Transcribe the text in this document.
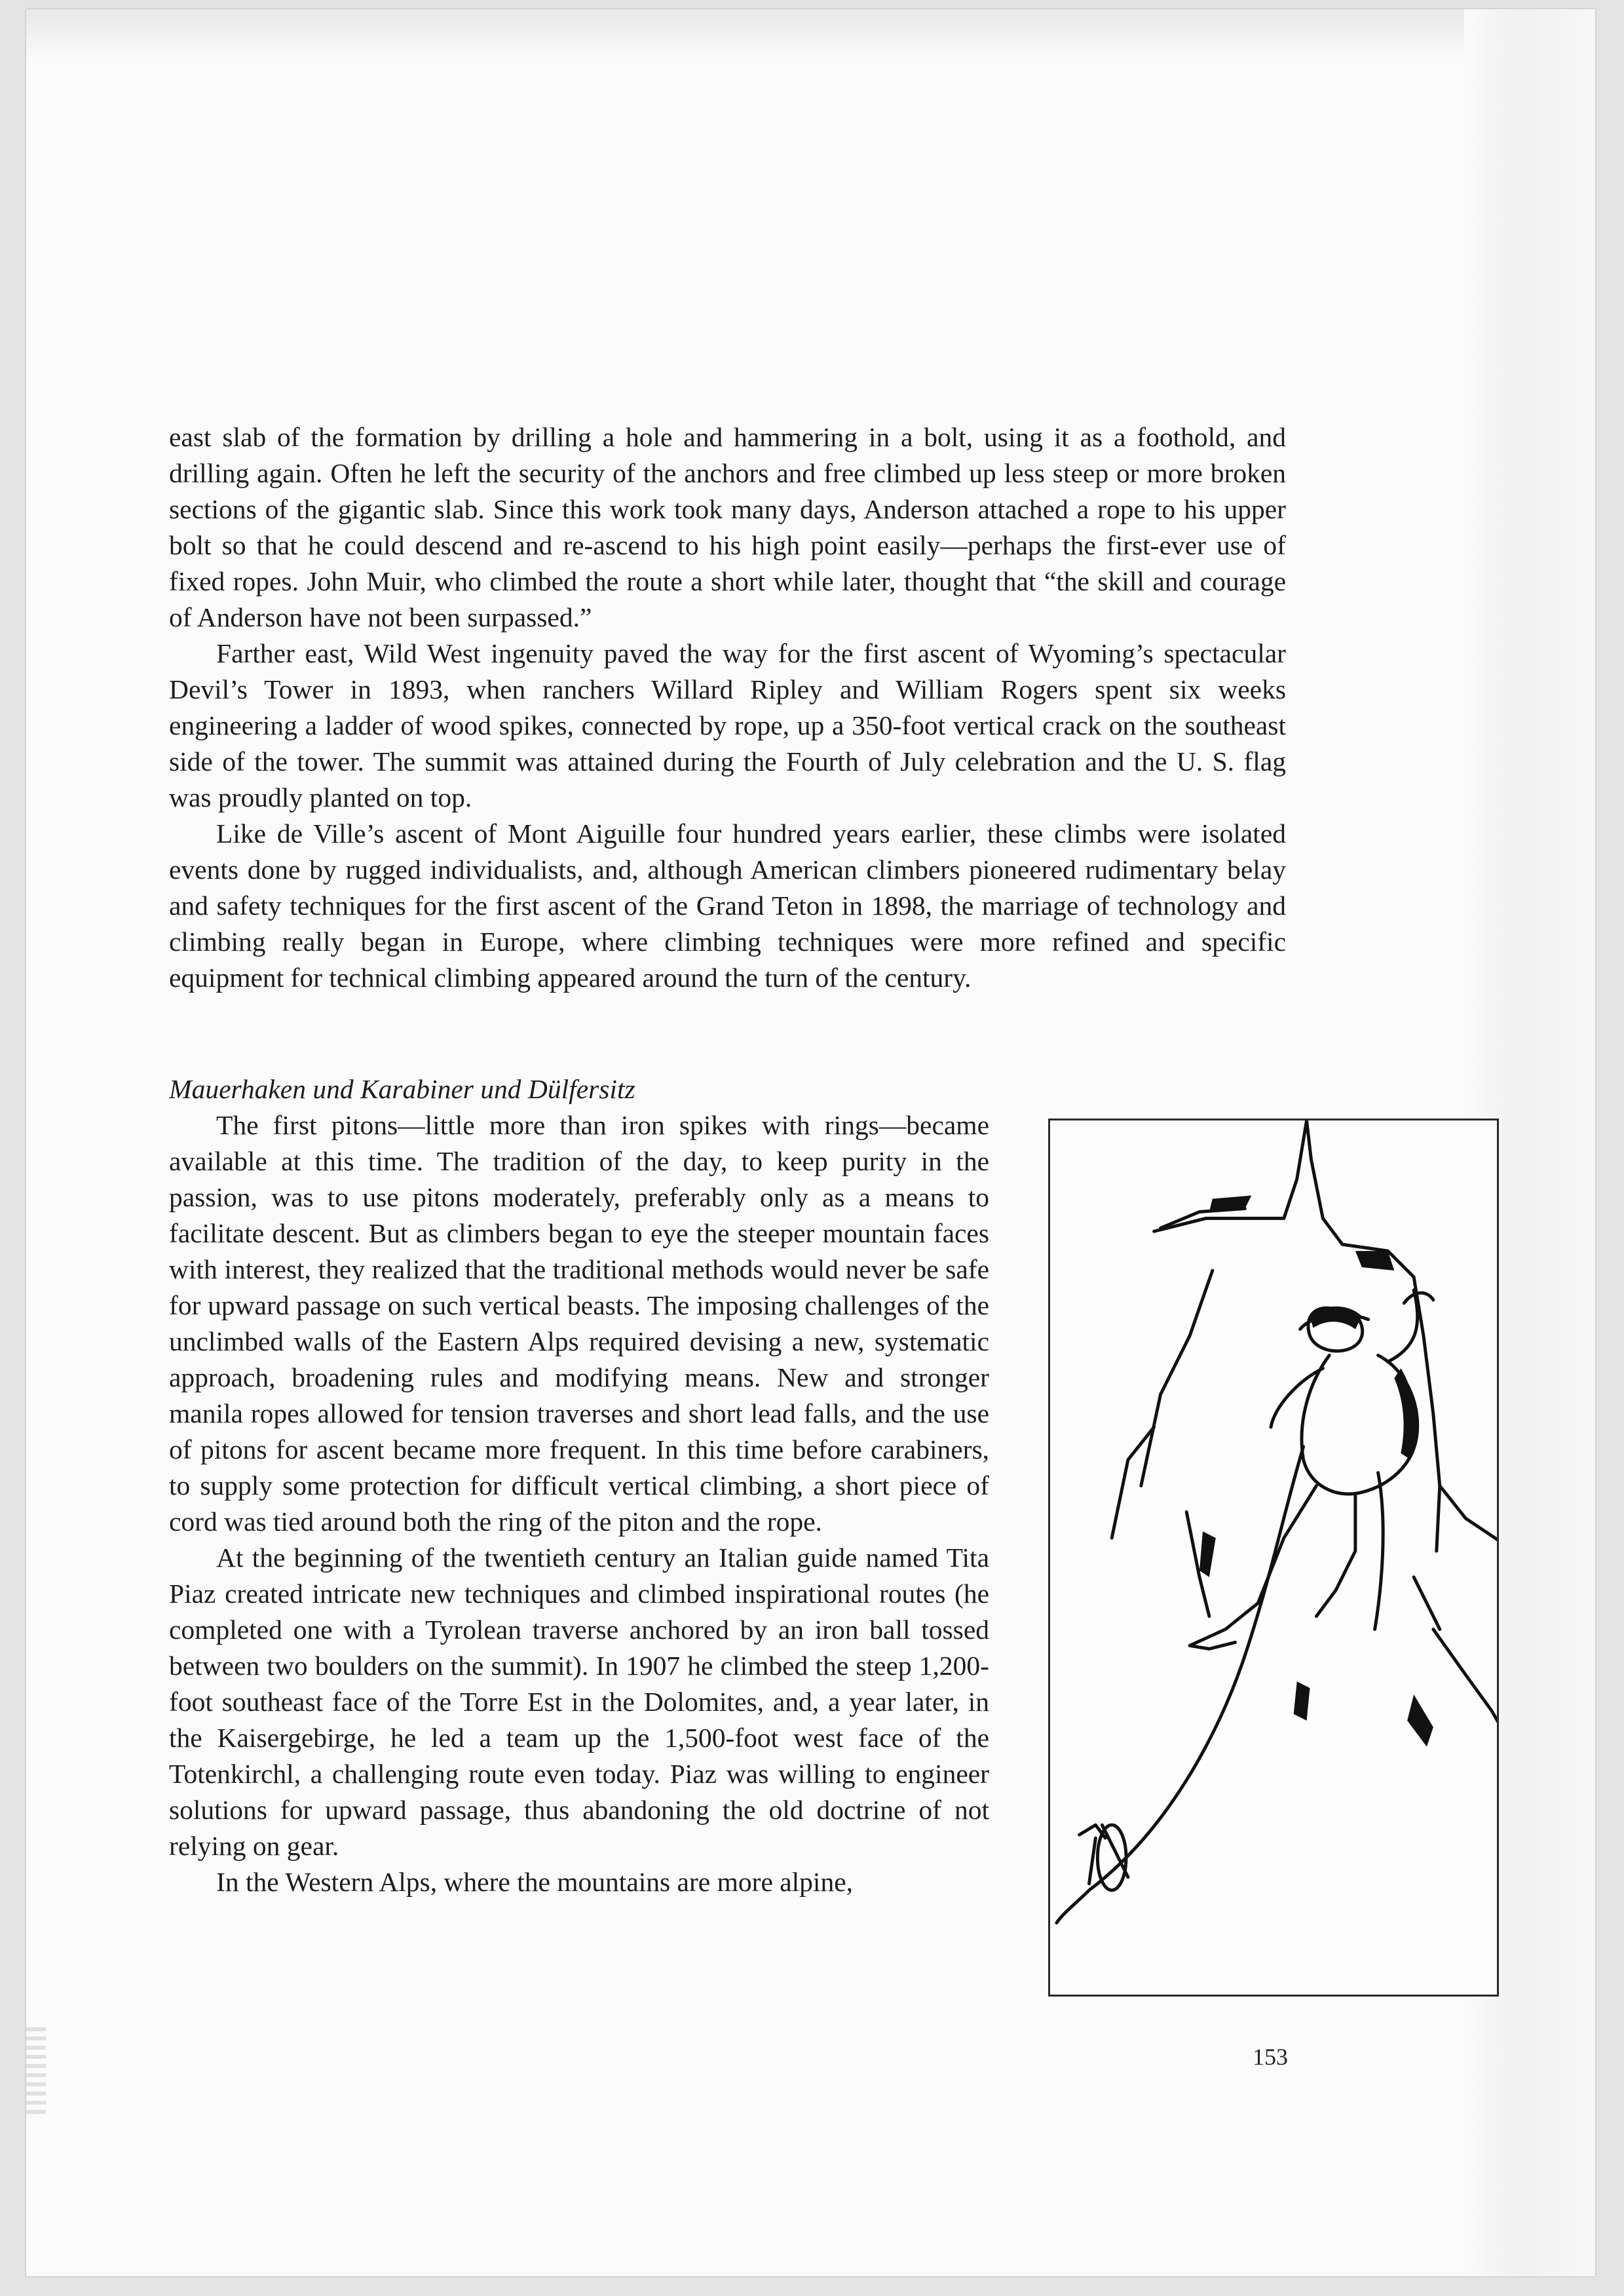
east slab of the formation by drilling a hole and hammering in a bolt, using it as a foothold, and drilling again. Often he left the security of the anchors and free climbed up less steep or more broken sections of the gigantic slab. Since this work took many days, Anderson attached a rope to his upper bolt so that he could descend and re-ascend to his high point easily—perhaps the first-ever use of fixed ropes. John Muir, who climbed the route a short while later, thought that “the skill and courage of Anderson have not been surpassed.”

Farther east, Wild West ingenuity paved the way for the first ascent of Wyoming’s spectacular Devil’s Tower in 1893, when ranchers Willard Ripley and William Rogers spent six weeks engineering a ladder of wood spikes, connected by rope, up a 350-foot vertical crack on the southeast side of the tower. The summit was attained during the Fourth of July celebration and the U. S. flag was proudly planted on top.

Like de Ville’s ascent of Mont Aiguille four hundred years earlier, these climbs were isolated events done by rugged individualists, and, although American climbers pioneered rudimentary belay and safety techniques for the first ascent of the Grand Teton in 1898, the marriage of technology and climbing really began in Europe, where climbing techniques were more refined and specific equipment for technical climbing appeared around the turn of the century.

Mauerhaken und Karabiner und Dülfersitz

The first pitons—little more than iron spikes with rings—became available at this time. The tradition of the day, to keep purity in the passion, was to use pitons moderately, preferably only as a means to facilitate descent. But as climbers began to eye the steeper mountain faces with interest, they realized that the traditional methods would never be safe for upward passage on such vertical beasts. The imposing challenges of the unclimbed walls of the Eastern Alps required devising a new, systematic approach, broadening rules and modifying means. New and stronger manila ropes allowed for tension traverses and short lead falls, and the use of pitons for ascent became more frequent. In this time before carabiners, to supply some protection for difficult vertical climbing, a short piece of cord was tied around both the ring of the piton and the rope.

At the beginning of the twentieth century an Italian guide named Tita Piaz created intricate new techniques and climbed inspirational routes (he completed one with a Tyrolean traverse anchored by an iron ball tossed between two boulders on the summit). In 1907 he climbed the steep 1,200-foot southeast face of the Torre Est in the Dolomites, and, a year later, in the Kaisergebirge, he led a team up the 1,500-foot west face of the Totenkirchl, a challenging route even today. Piaz was willing to engineer solutions for upward passage, thus abandoning the old doctrine of not relying on gear.

In the Western Alps, where the mountains are more alpine,

153
